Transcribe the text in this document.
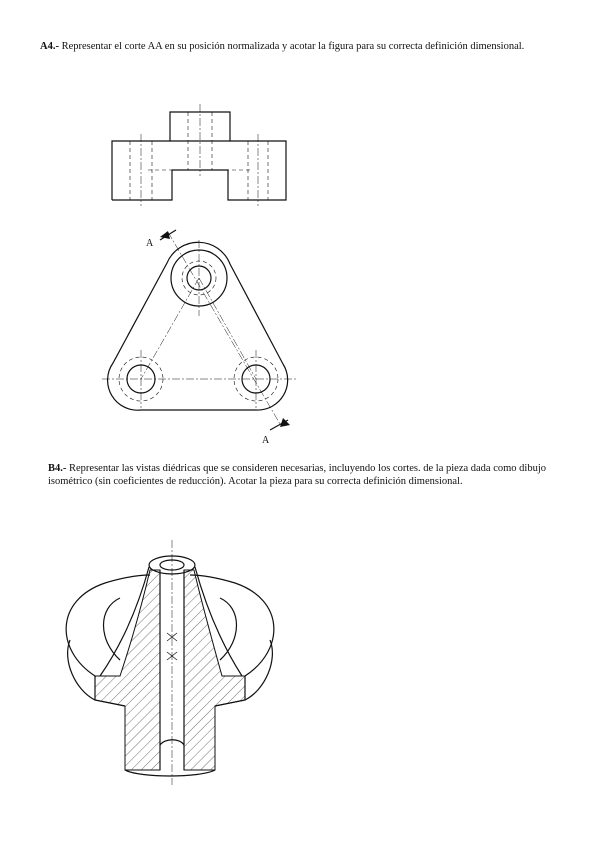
A4.- Representar el corte AA en su posición normalizada y acotar la figura para su correcta definición dimensional.
B4.- Representar las vistas diédricas que se consideren necesarias, incluyendo los cortes. de la pieza dada como dibujo isométrico (sin coeficientes de reducción). Acotar la pieza para su correcta definición dimensional.
A
A
